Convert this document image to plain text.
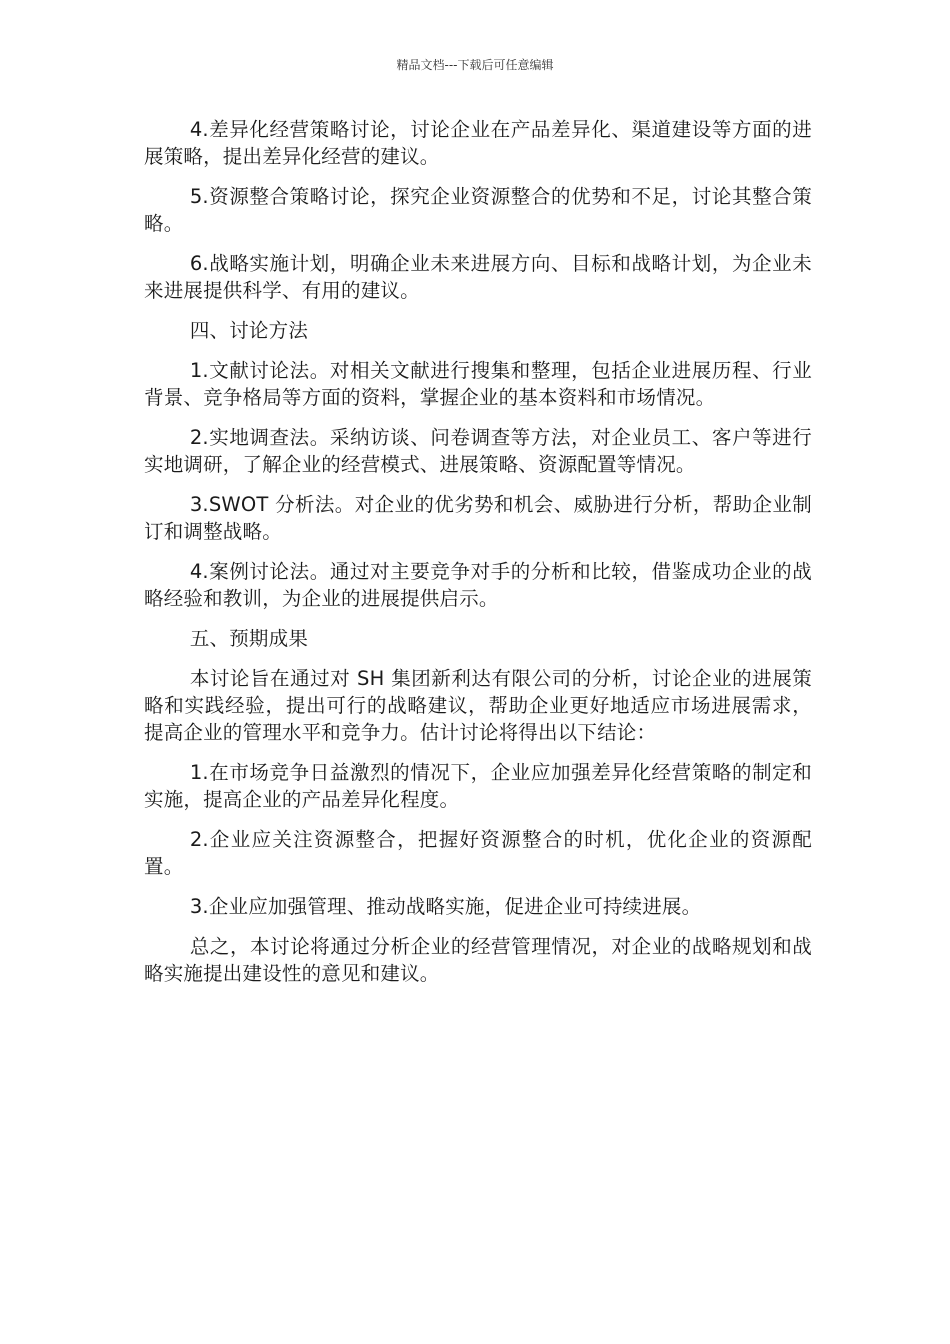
精品文档---下载后可任意编辑

4.差异化经营策略讨论，讨论企业在产品差异化、渠道建设等方面的进展策略，提出差异化经营的建议。

5.资源整合策略讨论，探究企业资源整合的优势和不足，讨论其整合策略。

6.战略实施计划，明确企业未来进展方向、目标和战略计划，为企业未来进展提供科学、有用的建议。

四、讨论方法

1.文献讨论法。对相关文献进行搜集和整理，包括企业进展历程、行业背景、竞争格局等方面的资料，掌握企业的基本资料和市场情况。

2.实地调查法。采纳访谈、问卷调查等方法，对企业员工、客户等进行实地调研，了解企业的经营模式、进展策略、资源配置等情况。

3.SWOT 分析法。对企业的优劣势和机会、威胁进行分析，帮助企业制订和调整战略。

4.案例讨论法。通过对主要竞争对手的分析和比较，借鉴成功企业的战略经验和教训，为企业的进展提供启示。

五、预期成果

本讨论旨在通过对 SH 集团新利达有限公司的分析，讨论企业的进展策略和实践经验，提出可行的战略建议，帮助企业更好地适应市场进展需求，提高企业的管理水平和竞争力。估计讨论将得出以下结论：

1.在市场竞争日益激烈的情况下，企业应加强差异化经营策略的制定和实施，提高企业的产品差异化程度。

2.企业应关注资源整合，把握好资源整合的时机，优化企业的资源配置。

3.企业应加强管理、推动战略实施，促进企业可持续进展。

总之，本讨论将通过分析企业的经营管理情况，对企业的战略规划和战略实施提出建设性的意见和建议。
